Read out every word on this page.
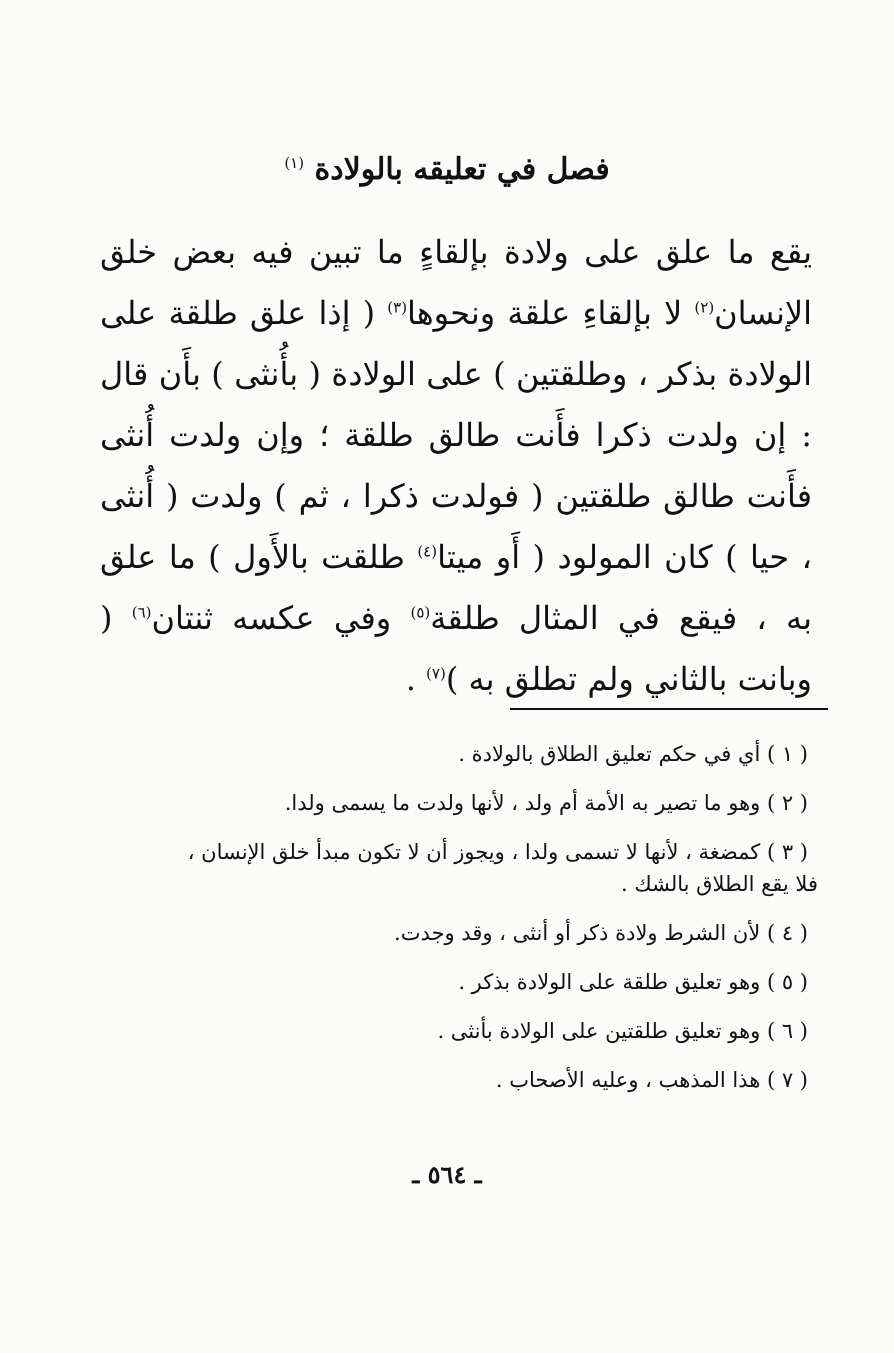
فصل في تعليقه بالولادة $^{(١)}$

يقع ما علق على ولادة بإلقاءٍ ما تبين فيه بعض خلق الإنسان$^{(٢)}$ لا بإلقاءِ علقة ونحوها$^{(٣)}$ ( إذا علق طلقة على الولادة بذكر ، وطلقتين ) على الولادة ( بأُنثى ) بأَن قال : إن ولدت ذكرا فأَنت طالق طلقة ؛ وإن ولدت أُنثى فأَنت طالق طلقتين ( فولدت ذكرا ، ثم ) ولدت ( أُنثى ، حيا ) كان المولود ( أَو ميتا$^{(٤)}$ طلقت بالأَول ) ما علق به ، فيقع في المثال طلقة$^{(٥)}$ وفي عكسه ثنتان$^{(٦)}$ ( وبانت بالثاني ولم تطلق به )$^{(٧)}$ .

( ١ ) أي في حكم تعليق الطلاق بالولادة .

( ٢ ) وهو ما تصير به الأمة أم ولد ، لأنها ولدت ما يسمى ولدا.

( ٣ ) كمضغة ، لأنها لا تسمى ولدا ، ويجوز أن لا تكون مبدأ خلق الإنسان ،
فلا يقع الطلاق بالشك .

( ٤ ) لأن الشرط ولادة ذكر أو أنثى ، وقد وجدت.

( ٥ ) وهو تعليق طلقة على الولادة بذكر .

( ٦ ) وهو تعليق طلقتين على الولادة بأنثى .

( ٧ ) هذا المذهب ، وعليه الأصحاب .

ـ ٥٦٤ ـ
